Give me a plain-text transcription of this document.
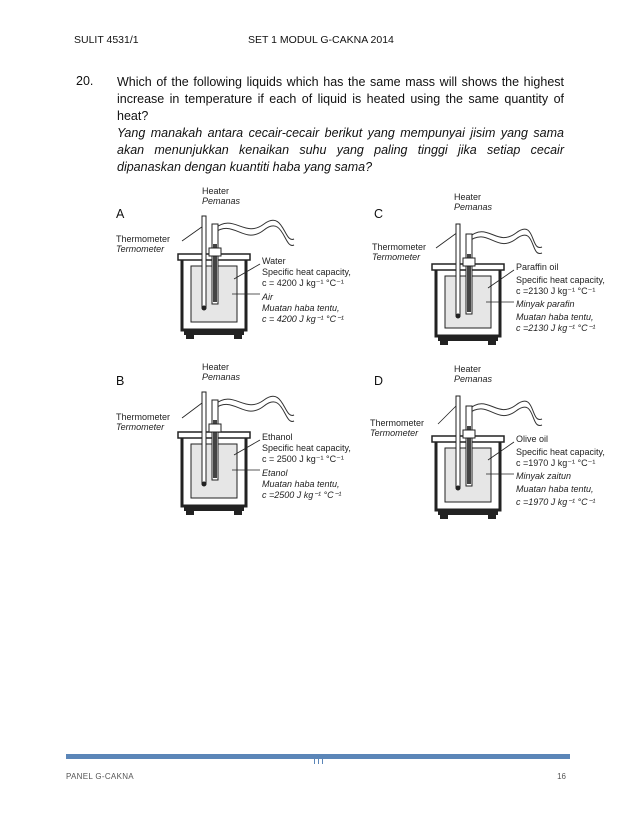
SULIT 4531/1	SET 1 MODUL G-CAKNA 2014
20. Which of the following liquids which has the same mass will shows the highest increase in temperature if each of liquid is heated using the same quantity of heat?

Yang manakah antara cecair-cecair berikut yang mempunyai jisim yang sama akan menunjukkan kenaikan suhu yang paling tinggi jika setiap cecair dipanaskan dengan kuantiti haba yang sama?

A	C
B	D
Heater
Pemanas
Thermometer
Termometer
Water
Specific heat capacity,
c = 4200 J kg⁻¹ °C⁻¹
Air
Muatan haba tentu,
c = 4200 J kg⁻¹ °C⁻¹
Heater
Pemanas
Thermometer
Termometer
Paraffin oil
Specific heat capacity,
c =2130 J kg⁻¹ °C⁻¹
Minyak parafin
Muatan haba tentu,
c =2130 J kg⁻¹ °C⁻¹
Heater
Pemanas
Thermometer
Termometer
Ethanol
Specific heat capacity,
c = 2500 J kg⁻¹ °C⁻¹
Etanol
Muatan haba tentu,
c =2500 J kg⁻¹ °C⁻¹
Heater
Pemanas
Thermometer
Termometer
Olive oil
Specific heat capacity,
c =1970 J kg⁻¹ °C⁻¹
Minyak zaitun
Muatan haba tentu,
c =1970 J kg⁻¹ °C⁻¹
PANEL G-CAKNA	16
